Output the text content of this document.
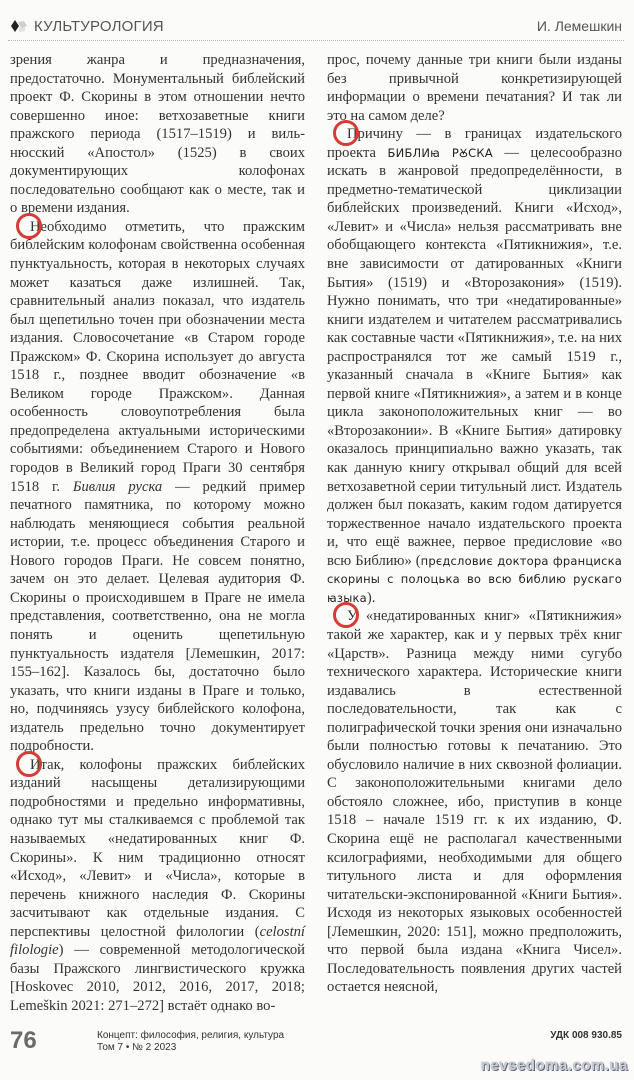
КУЛЬТУРОЛОГИЯ	И. Лемешкин

зрения жанра и предназначения, предостаточно. Монументальный библейский проект Ф. Скорины в этом отношении нечто совершенно иное: ветхозаветные книги пражского периода (1517–1519) и вильнюсский «Апостол» (1525) в своих документирующих колофонах последовательно сообщают как о месте, так и о времени издания.

Необходимо отметить, что пражским библейским колофонам свойственна особенная пунктуальность, которая в некоторых случаях может казаться даже излишней. Так, сравнительный анализ показал, что издатель был щепетильно точен при обозначении места издания. Словосочетание «в Старом городе Пражском» Ф. Скорина использует до августа 1518 г., позднее вводит обозначение «в Великом городе Пражском». Данная особенность словоупотребления была предопределена актуальными историческими событиями: объединением Старого и Нового городов в Великий город Праги 30 сентября 1518 г. Бивлия руска — редкий пример печатного памятника, по которому можно наблюдать меняющиеся события реальной истории, т.е. процесс объединения Старого и Нового городов Праги. Не совсем понятно, зачем он это делает. Целевая аудитория Ф. Скорины о происходившем в Праге не имела представления, соответственно, она не могла понять и оценить щепетильную пунктуальность издателя [Лемешкин, 2017: 155–162]. Казалось бы, достаточно было указать, что книги изданы в Праге и только, но, подчиняясь узусу библейского колофона, издатель предельно точно документирует подробности.

Итак, колофоны пражских библейских изданий насыщены детализирующими подробностями и предельно информативны, однако тут мы сталкиваемся с проблемой так называемых «недатированных книг Ф. Скорины». К ним традиционно относят «Исход», «Левит» и «Числа», которые в перечень книжного наследия Ф. Скорины засчитывают как отдельные издания. С перспективы целостной филологии (celostní filologie) — современной методологической базы Пражского лингвистического кружка [Hoskovec 2010, 2012, 2016, 2017, 2018; Lemeškin 2021: 271–272] встаёт однако во-

прос, почему данные три книги были изданы без привычной конкретизирующей информации о времени печатания? И так ли это на самом деле?

Причину — в границах издательского проекта БИБЛИꙗ РꙊСКА — целесообразно искать в жанровой предопределённости, в предметно-тематической циклизации библейских произведений. Книги «Исход», «Левит» и «Числа» нельзя рассматривать вне обобщающего контекста «Пятикнижия», т.е. вне зависимости от датированных «Книги Бытия» (1519) и «Второзакония» (1519). Нужно понимать, что три «недатированные» книги издателем и читателем рассматривались как составные части «Пятикнижия», т.е. на них распространялся тот же самый 1519 г., указанный сначала в «Книге Бытия» как первой книге «Пятикнижия», а затем и в конце цикла законоположительных книг — во «Второзаконии». В «Книге Бытия» датировку оказалось принципиально важно указать, так как данную книгу открывал общий для всей ветхозаветной серии титульный лист. Издатель должен был показать, каким годом датируется торжественное начало издательского проекта и, что ещё важнее, первое предисловие «во всю Библию» (прєдсловиє доктора франциска скорины с полоцька во всю библию рускаго ꙗзыка).

У «недатированных книг» «Пятикнижия» такой же характер, как и у первых трёх книг «Царств». Разница между ними сугубо технического характера. Исторические книги издавались в естественной последовательности, так как с полиграфической точки зрения они изначально были полностью готовы к печатанию. Это обусловило наличие в них сквозной фолиации. С законоположительными книгами дело обстояло сложнее, ибо, приступив в конце 1518 – начале 1519 гг. к их изданию, Ф. Скорина ещё не располагал качественными ксилографиями, необходимыми для общего титульного листа и для оформления читательски-экспонированной «Книги Бытия». Исходя из некоторых языковых особенностей [Лемешкин, 2020: 151], можно предположить, что первой была издана «Книга Чисел». Последовательность появления других частей остается неясной,

76	Концепт: философия, религия, культура
Том 7 • № 2 2023
УДК 008 930.85
nevsedoma.com.ua
